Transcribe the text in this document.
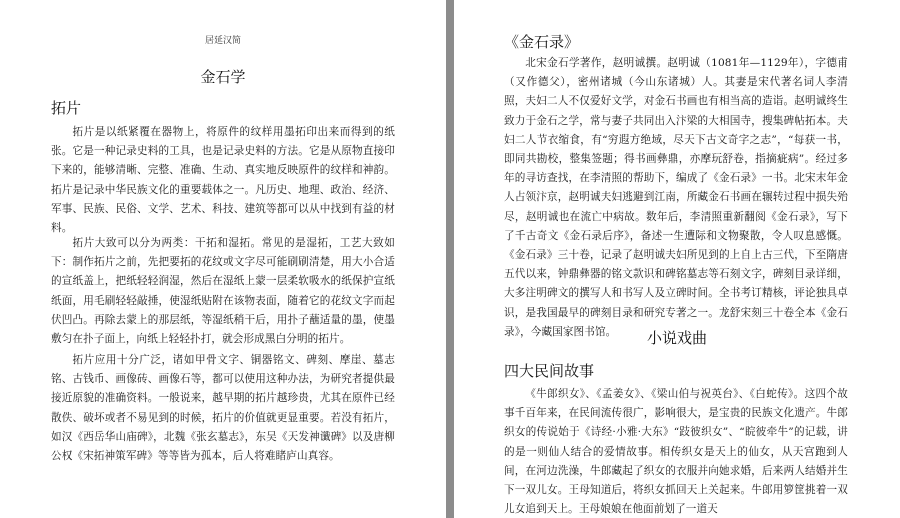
居延汉简
金石学
拓片

拓片是以纸紧覆在器物上，将原件的纹样用墨拓印出来而得到的纸张。它是一种记录史料的工具，也是记录史料的方法。它是从原物直接印下来的，能够清晰、完整、准确、生动、真实地反映原件的纹样和神韵。拓片是记录中华民族文化的重要载体之一。凡历史、地理、政治、经济、军事、民族、民俗、文学、艺术、科技、建筑等都可以从中找到有益的材料。

拓片大致可以分为两类：干拓和湿拓。常见的是湿拓，工艺大致如下：制作拓片之前，先把要拓的花纹或文字尽可能刷刷清楚，用大小合适的宣纸盖上，把纸轻轻润湿，然后在湿纸上蒙一层柔软吸水的纸保护宣纸纸面，用毛刷轻轻敲捶，使湿纸贴附在该物表面，随着它的花纹文字而起伏凹凸。再除去蒙上的那层纸，等湿纸稍干后，用扑子蘸适量的墨，使墨敷匀在扑子面上，向纸上轻轻扑打，就会形成黑白分明的拓片。

拓片应用十分广泛，诸如甲骨文字、铜器铭文、碑刻、摩崖、墓志铭、古钱币、画像砖、画像石等，都可以使用这种办法，为研究者提供最接近原貌的准确资料。一般说来，越早期的拓片越珍贵，尤其在原件已经散佚、破坏或者不易见到的时候，拓片的价值就更显重要。若没有拓片，如汉《西岳华山庙碑》，北魏《张玄墓志》，东吴《天发神谶碑》以及唐柳公权《宋拓神策军碑》等等皆为孤本，后人将难睹庐山真容。

《金石录》

北宋金石学著作，赵明诚撰。赵明诚（1081年—1129年），字德甫（又作德父），密州诸城（今山东诸城）人。其妻是宋代著名词人李清照，夫妇二人不仅爱好文学，对金石书画也有相当高的造诣。赵明诚终生致力于金石之学，常与妻子共同出入汴梁的大相国寺，搜集碑帖拓本。夫妇二人节衣缩食，有“穷遐方绝域，尽天下古文奇字之志”，“每获一书，即同共勘校，整集签题；得书画彝鼎，亦摩玩舒卷，指摘疵病”。经过多年的寻访查找，在李清照的帮助下，编成了《金石录》一书。北宋末年金人占领汴京，赵明诚夫妇逃避到江南，所藏金石书画在辗转过程中损失殆尽，赵明诚也在流亡中病故。数年后，李清照重新翻阅《金石录》，写下了千古奇文《金石录后序》，备述一生遭际和文物聚散，令人叹息感慨。《金石录》三十卷，记录了赵明诚夫妇所见到的上自上古三代，下至隋唐五代以来，钟鼎彝器的铭文款识和碑铭墓志等石刻文字，碑刻目录详细，大多注明碑文的撰写人和书写人及立碑时间。全书考订精核，评论独具卓识，是我国最早的碑刻目录和研究专著之一。龙舒宋刻三十卷全本《金石录》，今藏国家图书馆。	小说戏曲
四大民间故事

《牛郎织女》、《孟姜女》、《梁山伯与祝英台》、《白蛇传》。这四个故事千百年来，在民间流传很广，影响很大，是宝贵的民族文化遗产。牛郎织女的传说始于《诗经·小雅·大东》“跂彼织女”、“睆彼牵牛”的记载，讲的是一则仙人结合的爱情故事。相传织女是天上的仙女，从天宫跑到人间，在河边洗澡，牛郎藏起了织女的衣服并向她求婚，后来两人结婚并生下一双儿女。王母知道后，将织女抓回天上关起来。牛郎用箩筐挑着一双儿女追到天上。王母娘娘在他面前划了一道天
